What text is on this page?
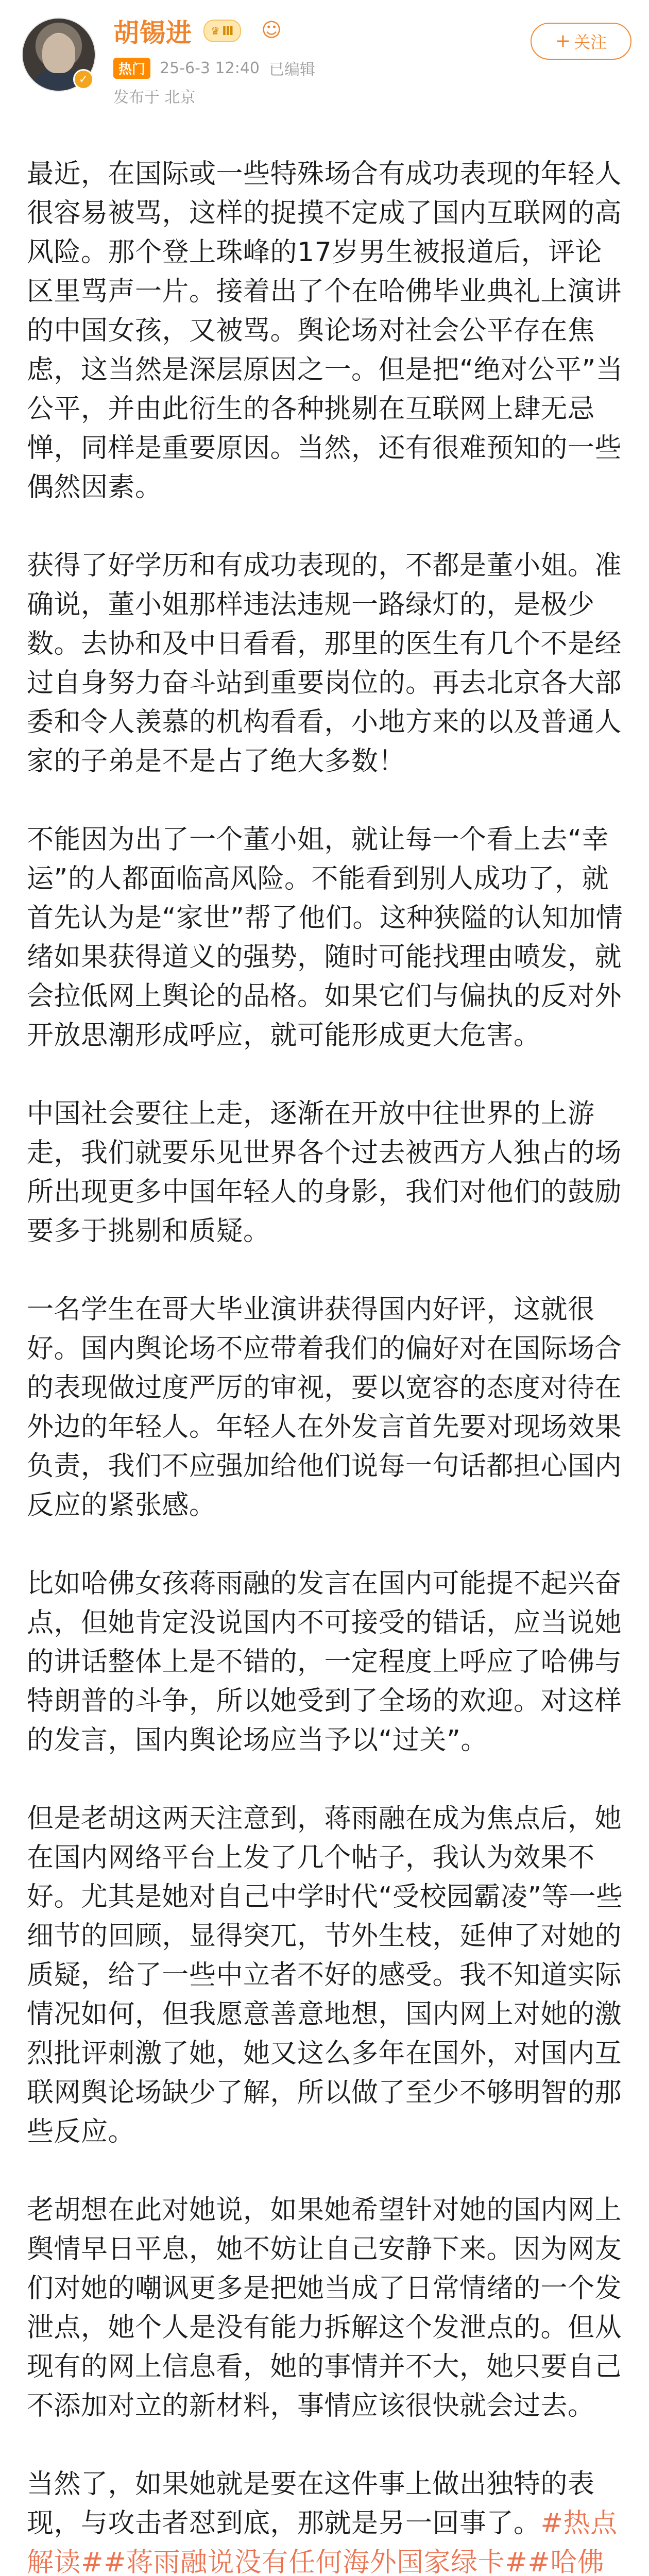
✓
胡锡进 ♛ Ⅲ ☺
热门 25-6-3 12:40 已编辑
发布于 北京
+ 关注

最近，在国际或一些特殊场合有成功表现的年轻人很容易被骂，这样的捉摸不定成了国内互联网的高风险。那个登上珠峰的17岁男生被报道后，评论区里骂声一片。接着出了个在哈佛毕业典礼上演讲的中国女孩，又被骂。舆论场对社会公平存在焦虑，这当然是深层原因之一。但是把“绝对公平”当公平，并由此衍生的各种挑剔在互联网上肆无忌惮，同样是重要原因。当然，还有很难预知的一些偶然因素。

获得了好学历和有成功表现的，不都是董小姐。准确说，董小姐那样违法违规一路绿灯的，是极少数。去协和及中日看看，那里的医生有几个不是经过自身努力奋斗站到重要岗位的。再去北京各大部委和令人羡慕的机构看看，小地方来的以及普通人家的子弟是不是占了绝大多数！

不能因为出了一个董小姐，就让每一个看上去“幸运”的人都面临高风险。不能看到别人成功了，就首先认为是“家世”帮了他们。这种狭隘的认知加情绪如果获得道义的强势，随时可能找理由喷发，就会拉低网上舆论的品格。如果它们与偏执的反对外开放思潮形成呼应，就可能形成更大危害。

中国社会要往上走，逐渐在开放中往世界的上游走，我们就要乐见世界各个过去被西方人独占的场所出现更多中国年轻人的身影，我们对他们的鼓励要多于挑剔和质疑。

一名学生在哥大毕业演讲获得国内好评，这就很好。国内舆论场不应带着我们的偏好对在国际场合的表现做过度严厉的审视，要以宽容的态度对待在外边的年轻人。年轻人在外发言首先要对现场效果负责，我们不应强加给他们说每一句话都担心国内反应的紧张感。

比如哈佛女孩蒋雨融的发言在国内可能提不起兴奋点，但她肯定没说国内不可接受的错话，应当说她的讲话整体上是不错的，一定程度上呼应了哈佛与特朗普的斗争，所以她受到了全场的欢迎。对这样的发言，国内舆论场应当予以“过关”。

但是老胡这两天注意到，蒋雨融在成为焦点后，她在国内网络平台上发了几个帖子，我认为效果不好。尤其是她对自己中学时代“受校园霸凌”等一些细节的回顾，显得突兀，节外生枝，延伸了对她的质疑，给了一些中立者不好的感受。我不知道实际情况如何，但我愿意善意地想，国内网上对她的激烈批评刺激了她，她又这么多年在国外，对国内互联网舆论场缺少了解，所以做了至少不够明智的那些反应。

老胡想在此对她说，如果她希望针对她的国内网上舆情早日平息，她不妨让自己安静下来。因为网友们对她的嘲讽更多是把她当成了日常情绪的一个发泄点，她个人是没有能力拆解这个发泄点的。但从现有的网上信息看，她的事情并不大，她只要自己不添加对立的新材料，事情应该很快就会过去。

当然了，如果她就是要在这件事上做出独特的表现，与攻击者怼到底，那就是另一回事了。#热点解读##蒋雨融说没有任何海外国家绿卡##哈佛
